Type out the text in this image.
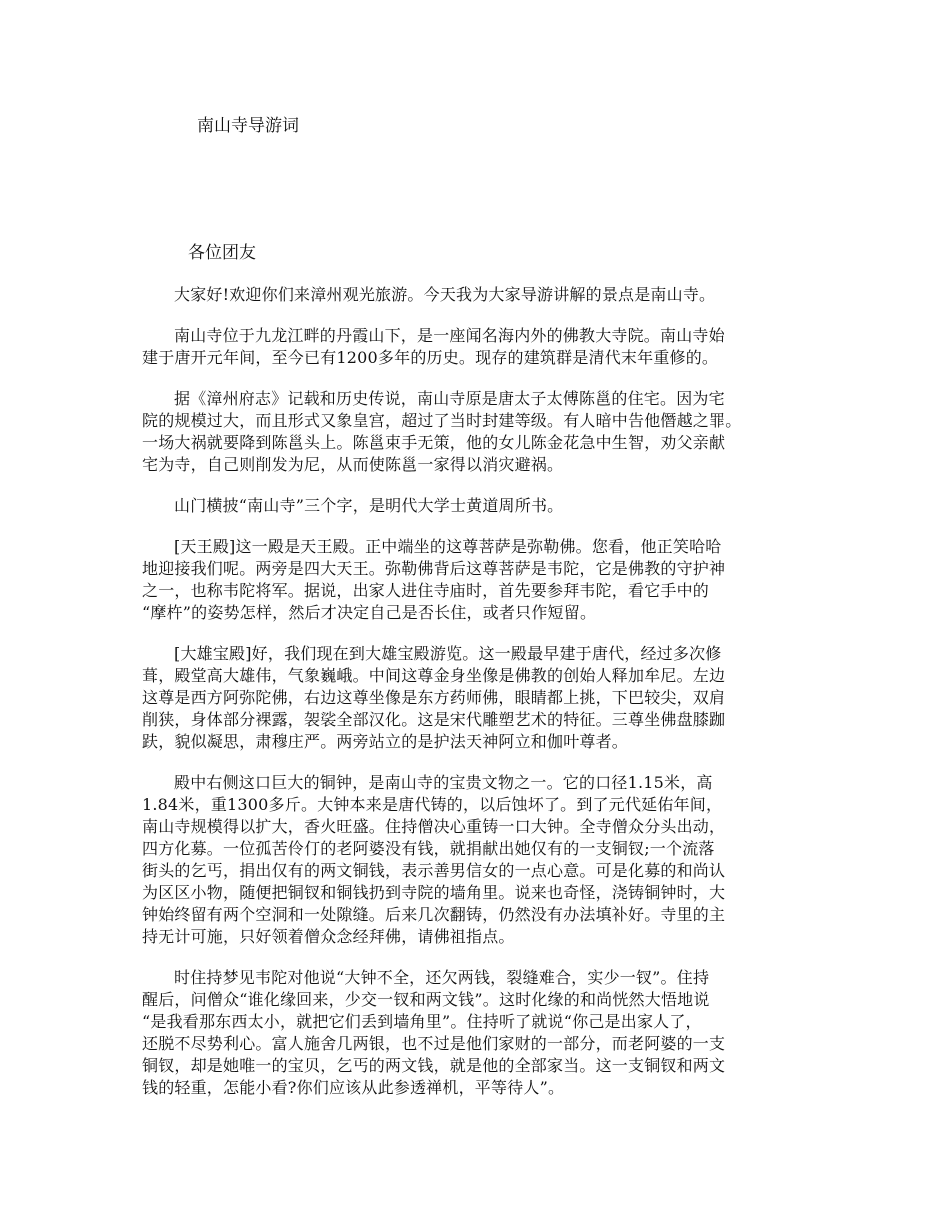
南山寺导游词
各位团友

大家好!欢迎你们来漳州观光旅游。今天我为大家导游讲解的景点是南山寺。

南山寺位于九龙江畔的丹霞山下，是一座闻名海内外的佛教大寺院。南山寺始
建于唐开元年间，至今已有1200多年的历史。现存的建筑群是清代末年重修的。

据《漳州府志》记载和历史传说，南山寺原是唐太子太傅陈邕的住宅。因为宅
院的规模过大，而且形式又象皇宫，超过了当时封建等级。有人暗中告他僭越之罪。
一场大祸就要降到陈邕头上。陈邕束手无策，他的女儿陈金花急中生智，劝父亲献
宅为寺，自己则削发为尼，从而使陈邕一家得以消灾避祸。

山门横披“南山寺”三个字，是明代大学士黄道周所书。

[天王殿]这一殿是天王殿。正中端坐的这尊菩萨是弥勒佛。您看，他正笑哈哈
地迎接我们呢。两旁是四大天王。弥勒佛背后这尊菩萨是韦陀，它是佛教的守护神
之一，也称韦陀将军。据说，出家人进住寺庙时，首先要参拜韦陀，看它手中的
“摩杵”的姿势怎样，然后才决定自己是否长住，或者只作短留。

[大雄宝殿]好，我们现在到大雄宝殿游览。这一殿最早建于唐代，经过多次修
葺，殿堂高大雄伟，气象巍峨。中间这尊金身坐像是佛教的创始人释加牟尼。左边
这尊是西方阿弥陀佛，右边这尊坐像是东方药师佛，眼睛都上挑，下巴较尖，双肩
削狭，身体部分裸露，袈裟全部汉化。这是宋代雕塑艺术的特征。三尊坐佛盘膝跏
趺，貌似凝思，肃穆庄严。两旁站立的是护法天神阿立和伽叶尊者。

殿中右侧这口巨大的铜钟，是南山寺的宝贵文物之一。它的口径1.15米，高
1.84米，重1300多斤。大钟本来是唐代铸的，以后蚀坏了。到了元代延佑年间，
南山寺规模得以扩大，香火旺盛。住持僧决心重铸一口大钟。全寺僧众分头出动，
四方化募。一位孤苦伶仃的老阿婆没有钱，就捐献出她仅有的一支铜钗;一个流落
街头的乞丐，捐出仅有的两文铜钱，表示善男信女的一点心意。可是化募的和尚认
为区区小物，随便把铜钗和铜钱扔到寺院的墙角里。说来也奇怪，浇铸铜钟时，大
钟始终留有两个空洞和一处隙缝。后来几次翻铸，仍然没有办法填补好。寺里的主
持无计可施，只好领着僧众念经拜佛，请佛祖指点。

时住持梦见韦陀对他说“大钟不全，还欠两钱，裂缝难合，实少一钗”。住持
醒后，问僧众“谁化缘回来，少交一钗和两文钱”。这时化缘的和尚恍然大悟地说
“是我看那东西太小，就把它们丢到墙角里”。住持听了就说“你己是出家人了，
还脱不尽势利心。富人施舍几两银，也不过是他们家财的一部分，而老阿婆的一支
铜钗，却是她唯一的宝贝，乞丐的两文钱，就是他的全部家当。这一支铜钗和两文
钱的轻重，怎能小看?你们应该从此参透禅机，平等待人”。
